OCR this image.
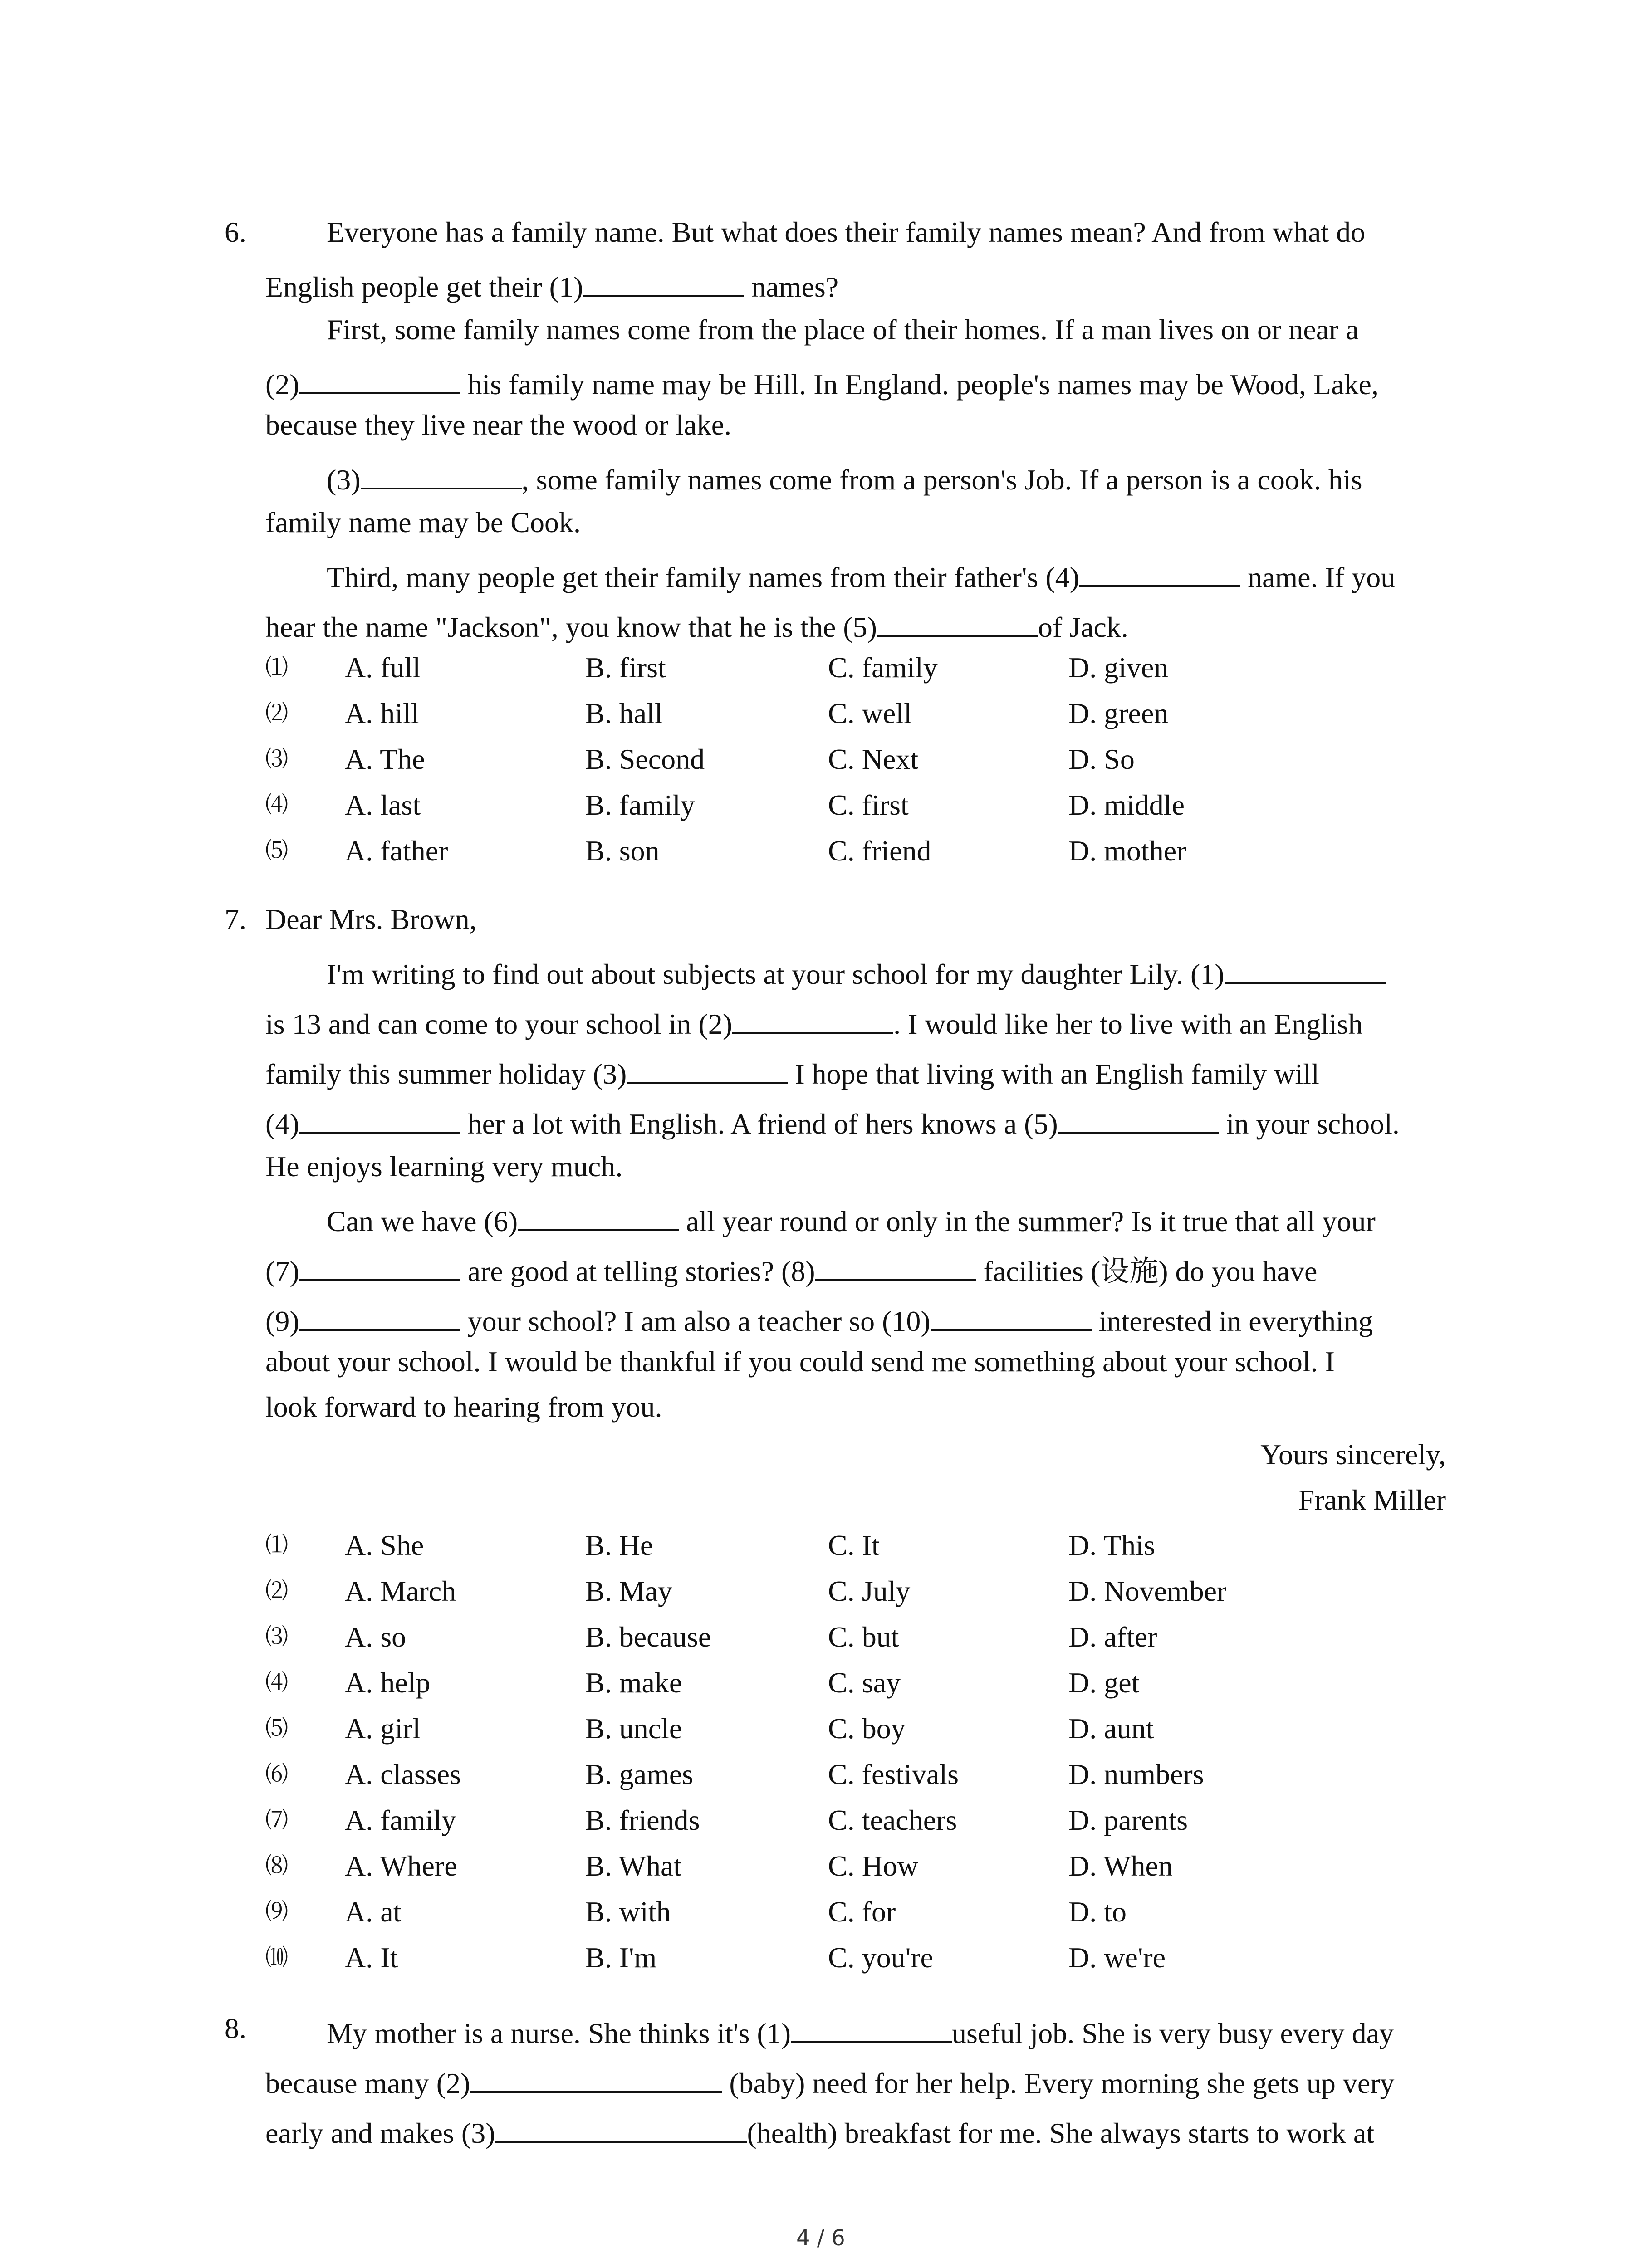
6.	Everyone has a family name. But what does their family names mean? And from what do
English people get their (1)	names?
First, some family names come from the place of their homes. If a man lives on or near a
(2)	his family name may be Hill. In England. people's names may be Wood, Lake,
because they live near the wood or lake.
(3)	, some family names come from a person's Job. If a person is a cook. his
family name may be Cook.
Third, many people get their family names from their father's (4)	name. If you
hear the name "Jackson", you know that he is the (5)	of Jack.
⑴ A. full	B. first	C. family	D. given
⑵ A. hill	B. hall	C. well	D. green
⑶ A. The	B. Second	C. Next	D. So
⑷ A. last	B. family	C. first	D. middle
⑸ A. father	B. son	C. friend	D. mother
7. Dear Mrs. Brown,
I'm writing to find out about subjects at your school for my daughter Lily. (1)
is 13 and can come to your school in (2)	. I would like her to live with an English
family this summer holiday (3)	I hope that living with an English family will
(4)	her a lot with English. A friend of hers knows a (5)	in your school.
He enjoys learning very much.
Can we have (6)	all year round or only in the summer? Is it true that all your
(7)	are good at telling stories? (8)	facilities (设施) do you have
(9)	your school? I am also a teacher so (10)	interested in everything
about your school. I would be thankful if you could send me something about your school. I
look forward to hearing from you.
Yours sincerely,
Frank Miller
⑴ A. She	B. He	C. It	D. This
⑵ A. March	B. May	C. July	D. November
⑶ A. so	B. because	C. but	D. after
⑷ A. help	B. make	C. say	D. get
⑸ A. girl	B. uncle	C. boy	D. aunt
⑹ A. classes	B. games	C. festivals	D. numbers
⑺ A. family	B. friends	C. teachers	D. parents
⑻ A. Where	B. What	C. How	D. When
⑼ A. at	B. with	C. for	D. to
⑽ A. It	B. I'm	C. you're	D. we're
8.	My mother is a nurse. She thinks it's (1)	useful job. She is very busy every day
because many (2)	(baby) need for her help. Every morning she gets up very
early and makes (3)	(health) breakfast for me. She always starts to work at
4 / 6
